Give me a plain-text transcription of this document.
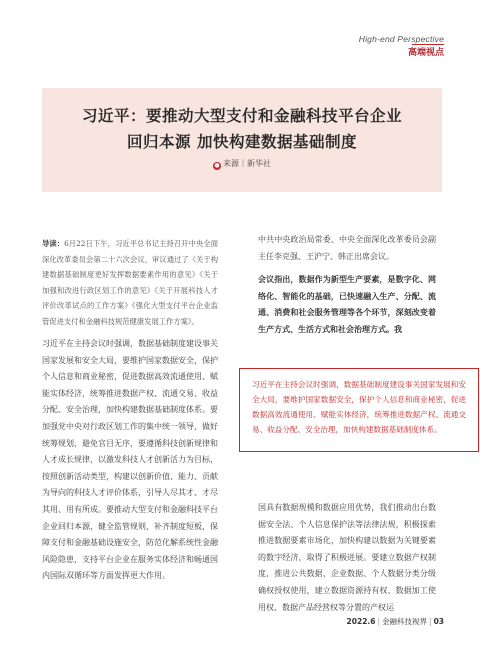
High-end Perspective
高端视点
习近平：要推动大型支付和金融科技平台企业
回归本源 加快构建数据基础制度
● 来源｜新华社
导读：6月22日下午，习近平总书记主持召开中央全面深化改革委员会第二十六次会议，审议通过了《关于构建数据基础制度更好发挥数据要素作用的意见》《关于加强和改进行政区划工作的意见》《关于开展科技人才评价改革试点的工作方案》《强化大型支付平台企业监管促进支付和金融科技规范健康发展工作方案》。
习近平在主持会议时强调，数据基础制度建设事关国家发展和安全大局，要维护国家数据安全，保护个人信息和商业秘密，促进数据高效流通使用、赋能实体经济，统筹推进数据产权、流通交易、收益分配、安全治理，加快构建数据基础制度体系。要加强党中央对行政区划工作的集中统一领导，做好统筹规划，避免官目无序，要遵循科技创新规律和人才成长规律，以激发科技人才创新活力为目标，按照创新活动类型，构建以创新价值、能力、贡献为导向的科技人才评价体系，引导人尽其才、才尽其用、用有所成。要推动大型支付和金融科技平台企业回归本源，健全监管规则，补齐制度短板，保障支付和金融基础设施安全，防范化解系统性金融风险隐患，支持平台企业在服务实体经济和畅通国内国际双循环等方面发挥更大作用。
中共中央政治局常委、中央全面深化改革委员会副主任李克强、王沪宁、韩正出席会议。
会议指出，数据作为新型生产要素，是数字化、网络化、智能化的基础，已快速融入生产、分配、流通、消费和社会服务管理等各个环节，深刻改变着生产方式、生活方式和社会治理方式。我
习近平在主持会议时强调，数据基础制度建设事关国家发展和安全大局，要维护国家数据安全，保护个人信息和商业秘密，促进数据高效流通使用、赋能实体经济，统筹推进数据产权、流通交易、收益分配、安全治理，加快构建数据基础制度体系。
国具有数据规模和数据应用优势，我们推动出台数据安全法、个人信息保护法等法律法规，积极探索推进数据要素市场化，加快构建以数据为关键要素的数字经济，取得了积极进展。要建立数据产权制度，推进公共数据、企业数据、个人数据分类分级确权授权使用，建立数据资源持有权、数据加工使用权、数据产品经营权等分置的产权运
2022.6 | 金融科技视界 | 03
